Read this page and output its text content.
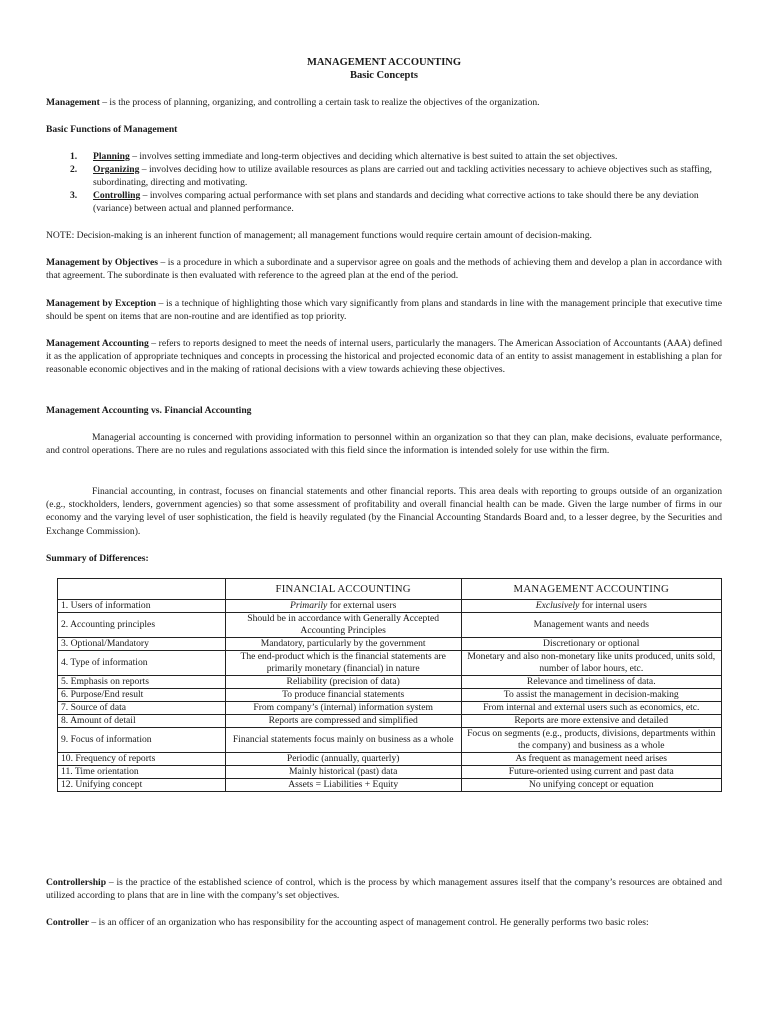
MANAGEMENT ACCOUNTING
Basic Concepts
Management – is the process of planning, organizing, and controlling a certain task to realize the objectives of the organization.
Basic Functions of Management
1.	Planning – involves setting immediate and long-term objectives and deciding which alternative is best suited to attain the set objectives.
2.	Organizing – involves deciding how to utilize available resources as plans are carried out and tackling activities necessary to achieve objectives such as staffing, subordinating, directing and motivating.
3.	Controlling – involves comparing actual performance with set plans and standards and deciding what corrective actions to take should there be any deviation (variance) between actual and planned performance.
NOTE: Decision-making is an inherent function of management; all management functions would require certain amount of decision-making.
Management by Objectives – is a procedure in which a subordinate and a supervisor agree on goals and the methods of achieving them and develop a plan in accordance with that agreement. The subordinate is then evaluated with reference to the agreed plan at the end of the period.
Management by Exception – is a technique of highlighting those which vary significantly from plans and standards in line with the management principle that executive time should be spent on items that are non-routine and are identified as top priority.
Management Accounting – refers to reports designed to meet the needs of internal users, particularly the managers. The American Association of Accountants (AAA) defined it as the application of appropriate techniques and concepts in processing the historical and projected economic data of an entity to assist management in establishing a plan for reasonable economic objectives and in the making of rational decisions with a view towards achieving these objectives.
Management Accounting vs. Financial Accounting
Managerial accounting is concerned with providing information to personnel within an organization so that they can plan, make decisions, evaluate performance, and control operations. There are no rules and regulations associated with this field since the information is intended solely for use within the firm.
Financial accounting, in contrast, focuses on financial statements and other financial reports. This area deals with reporting to groups outside of an organization (e.g., stockholders, lenders, government agencies) so that some assessment of profitability and overall financial health can be made. Given the large number of firms in our economy and the varying level of user sophistication, the field is heavily regulated (by the Financial Accounting Standards Board and, to a lesser degree, by the Securities and Exchange Commission).
Summary of Differences:
	FINANCIAL ACCOUNTING	MANAGEMENT ACCOUNTING
1. Users of information	Primarily for external users	Exclusively for internal users
2. Accounting principles	Should be in accordance with Generally Accepted Accounting Principles	Management wants and needs
3. Optional/Mandatory	Mandatory, particularly by the government	Discretionary or optional
4. Type of information	The end-product which is the financial statements are primarily monetary (financial) in nature	Monetary and also non-monetary like units produced, units sold, number of labor hours, etc.
5. Emphasis on reports	Reliability (precision of data)	Relevance and timeliness of data.
6. Purpose/End result	To produce financial statements	To assist the management in decision-making
7. Source of data	From company’s (internal) information system	From internal and external users such as economics, etc.
8. Amount of detail	Reports are compressed and simplified	Reports are more extensive and detailed
9. Focus of information	Financial statements focus mainly on business as a whole	Focus on segments (e.g., products, divisions, departments within the company) and business as a whole
10. Frequency of reports	Periodic (annually, quarterly)	As frequent as management need arises
11. Time orientation	Mainly historical (past) data	Future-oriented using current and past data
12. Unifying concept	Assets = Liabilities + Equity	No unifying concept or equation
Controllership – is the practice of the established science of control, which is the process by which management assures itself that the company’s resources are obtained and utilized according to plans that are in line with the company’s set objectives.
Controller – is an officer of an organization who has responsibility for the accounting aspect of management control. He generally performs two basic roles:
